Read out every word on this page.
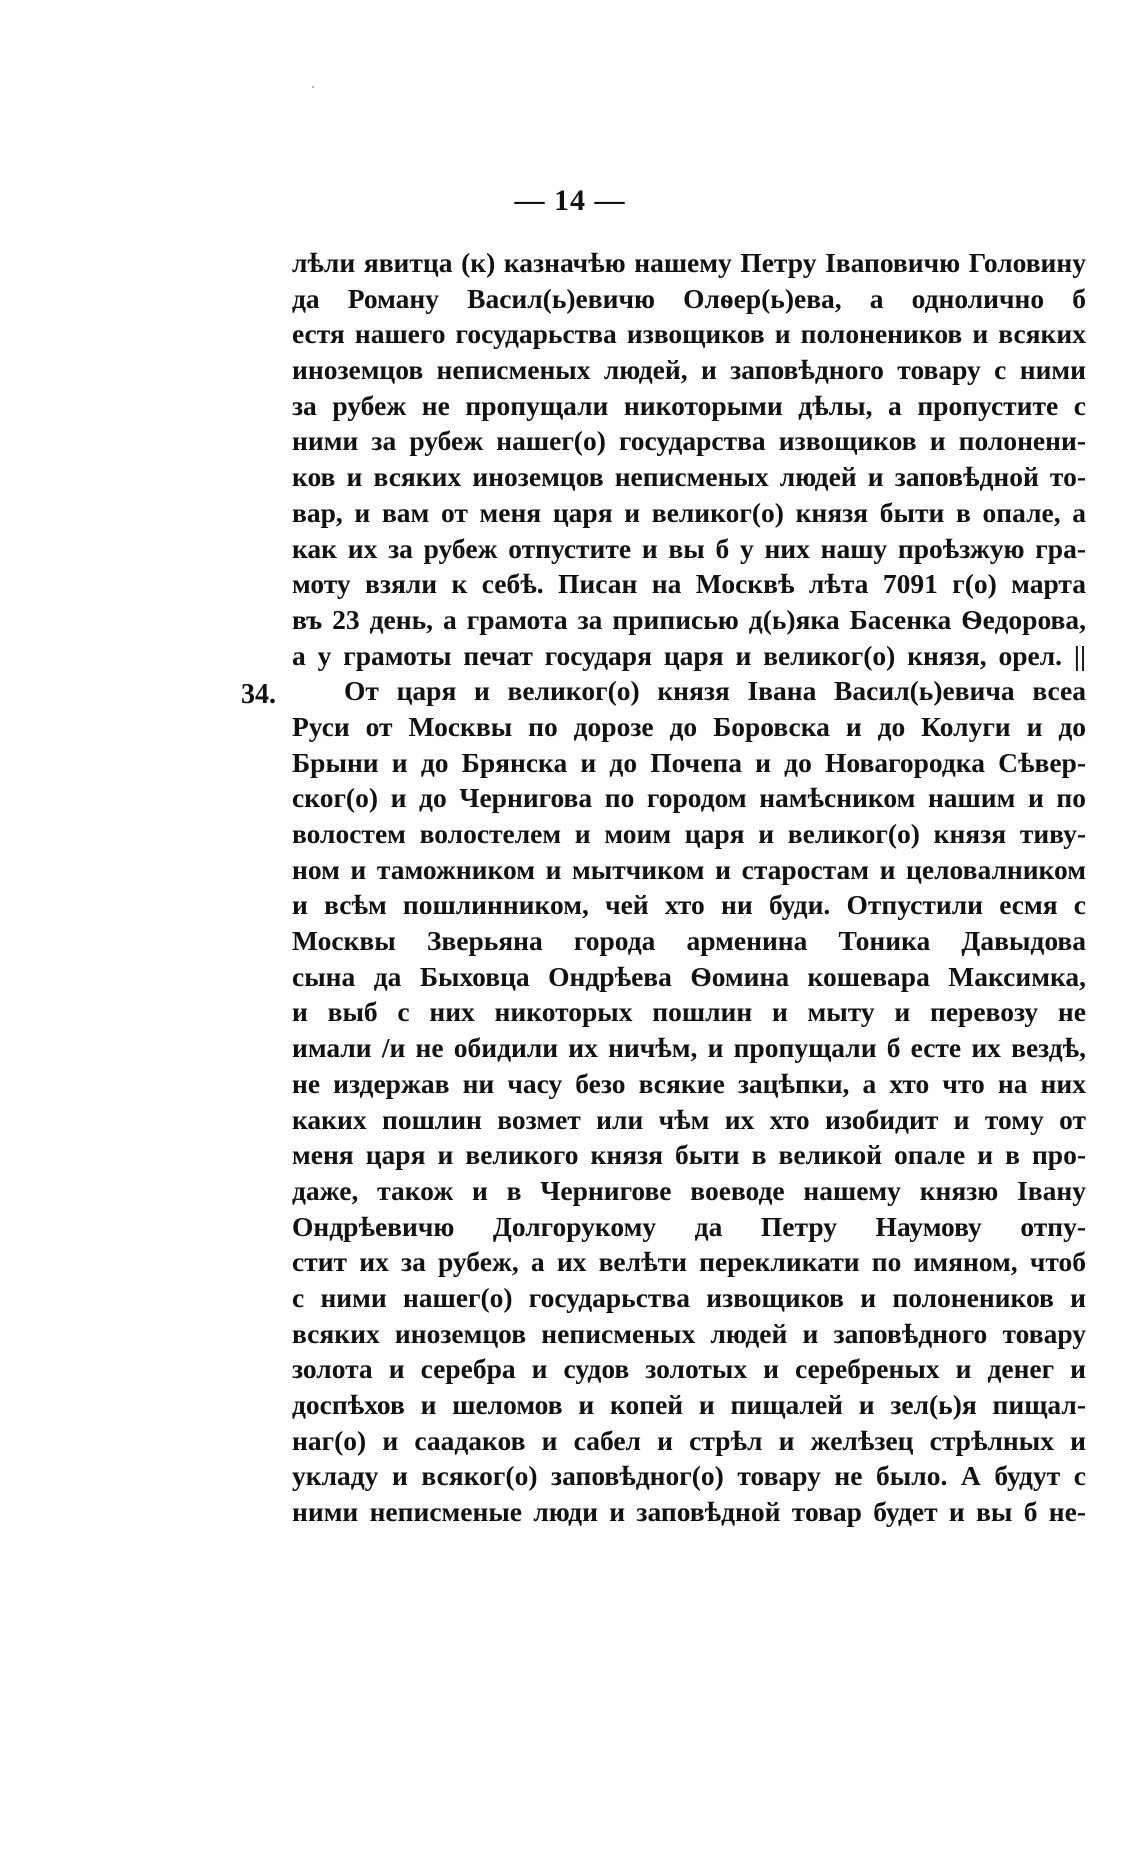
— 14 —
34.
лѣли явитца (к) казначѣю нашему Петру Іваповичю Головину
да Роману Васил(ь)евичю Олѳер(ь)ева, а однолично б
естя нашего государьства извощиков и полонеников и всяких
иноземцов неписменых людей, и заповѣдного товару с ними
за рубеж не пропущали никоторыми дѣлы, а пропустите с
ними за рубеж нашег(о) государства извощиков и полонени-
ков и всяких иноземцов неписменых людей и заповѣдной то-
вар, и вам от меня царя и великог(о) князя быти в опале, а
как их за рубеж отпустите и вы б у них нашу проѣзжую гра-
моту взяли к себѣ. Писан на Москвѣ лѣта 7091 г(о) марта
въ 23 день, а грамота за приписью д(ь)яка Басенка Ѳедорова,
а у грамоты печат государя царя и великог(о) князя, орел. ||
От царя и великог(о) князя Івана Васил(ь)евича всеа
Руси от Москвы по дорозе до Боровска и до Колуги и до
Брыни и до Брянска и до Почепа и до Новагородка Сѣвер-
ског(о) и до Чернигова по городом намѣсником нашим и по
волостем волостелем и моим царя и великог(о) князя тиву-
ном и таможником и мытчиком и старостам и целовалником
и всѣм пошлинником, чей хто ни буди. Отпустили есмя с
Москвы Зверьяна города арменина Тоника Давыдова
сына да Быховца Ондрѣева Ѳомина кошевара Максимка,
и выб с них никоторых пошлин и мыту и перевозу не
имали /и не обидили их ничѣм, и пропущали б есте их вездѣ,
не издержав ни часу безо всякие зацѣпки, а хто что на них
каких пошлин возмет или чѣм их хто изобидит и тому от
меня царя и великого князя быти в великой опале и в про-
даже, також и в Чернигове воеводе нашему князю Івану
Ондрѣевичю Долгорукому да Петру Наумову отпу-
стит их за рубеж, а их велѣти перекликати по имяном, чтоб
с ними нашег(о) государьства извощиков и полонеников и
всяких иноземцов неписменых людей и заповѣдного товару
золота и серебра и судов золотых и серебреных и денег и
доспѣхов и шеломов и копей и пищалей и зел(ь)я пищал-
наг(о) и саадаков и сабел и стрѣл и желѣзец стрѣлных и
укладу и всяког(о) заповѣдног(о) товару не было. А будут с
ними неписменые люди и заповѣдной товар будет и вы б не-
